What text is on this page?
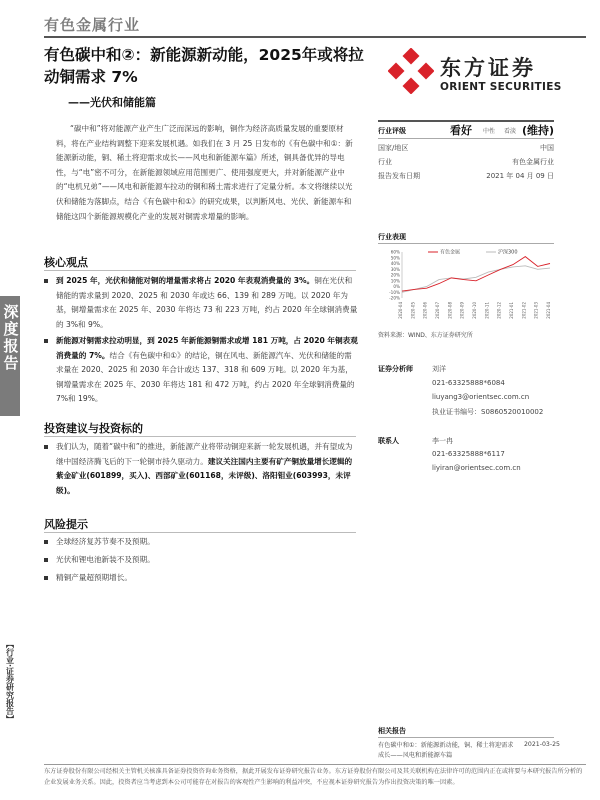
有色金属行业
有色碳中和②：新能源新动能，2025年或将拉动铜需求 7%
——光伏和储能篇
东方证券
ORIENT SECURITIES
“碳中和”将对能源产业产生广泛而深远的影响，铜作为经济高质量发展的重要原材料，将在产业结构调整下迎来发展机遇。如我们在 3 月 25 日发布的《有色碳中和①：新能源新动能，铜、稀土将迎需求成长——风电和新能源车篇》所述，铜具备优异的导电性，与“电”密不可分，在新能源领域应用范围更广、使用强度更大，并对新能源产业中的“电机兄弟”——风电和新能源车拉动的铜和稀土需求进行了定量分析。本文将继续以光伏和储能为落脚点，结合《有色碳中和①》的研究成果，以判断风电、光伏、新能源车和储能这四个新能源规模化产业的发展对铜需求增量的影响。
核心观点
到 2025 年，光伏和储能对铜的增量需求将占 2020 年表观消费量的 3%。铜在光伏和储能的需求量到 2020、2025 和 2030 年或达 66、139 和 289 万吨。以 2020 年为基，铜增量需求在 2025 年、2030 年将达 73 和 223 万吨，约占 2020 年全球铜消费量的 3%和 9%。
新能源对铜需求拉动明显，到 2025 年新能源铜需求或增 181 万吨，占 2020 年铜表观消费量的 7%。结合《有色碳中和①》的结论，铜在风电、新能源汽车、光伏和储能的需求量在 2020、2025 和 2030 年合计或达 137、318 和 609 万吨。以 2020 年为基，铜增量需求在 2025 年、2030 年将达 181 和 472 万吨，约占 2020 年全球铜消费量的 7%和 19%。
投资建议与投资标的
我们认为，随着“碳中和”的推进，新能源产业将带动铜迎来新一轮发展机遇，并有望成为继中国经济腾飞后的下一轮铜市持久驱动力。建议关注国内主要有矿产铜放量增长逻辑的紫金矿业(601899，买入)、西部矿业(601168，未评级)、洛阳钼业(603993，未评级)。
风险提示
全球经济复苏节奏不及预期。
光伏和锂电池新装不及预期。
精铜产量超预期增长。
深度报告
【行业·证券研究报告】
行业评级	看好 中性 看淡 (维持)
国家/地区	中国
行业	有色金属行业
报告发布日期	2021 年 04 月 09 日
行业表现
60%
50%
40%
30%
20%
10%
0%
-10%
-20%
2020-04 2020-05 2020-06 2020-07 2020-08 2020-09 2020-10 2020-11 2020-12 2021-01 2021-02 2021-03 2021-04
有色金属	沪深300
资料来源：WIND、东方证券研究所
证券分析师	刘洋
021-63325888*6084
liuyang3@orientsec.com.cn
执业证书编号：S0860520010002
联系人	李一冉
021-63325888*6117
liyiran@orientsec.com.cn
相关报告
有色碳中和①：新能源新动能，铜、稀土将迎需求成长——风电和新能源车篇
2021-03-25
东方证券股份有限公司经相关主管机关核准具备证券投资咨询业务资格，据此开展发布证券研究报告业务。东方证券股份有限公司及其关联机构在法律许可的范围内正在或将要与本研究报告所分析的企业发展业务关系。因此，投资者应当考虑到本公司可能存在对报告的客观性产生影响的利益冲突，不应视本证券研究报告为作出投资决策的唯一因素。
